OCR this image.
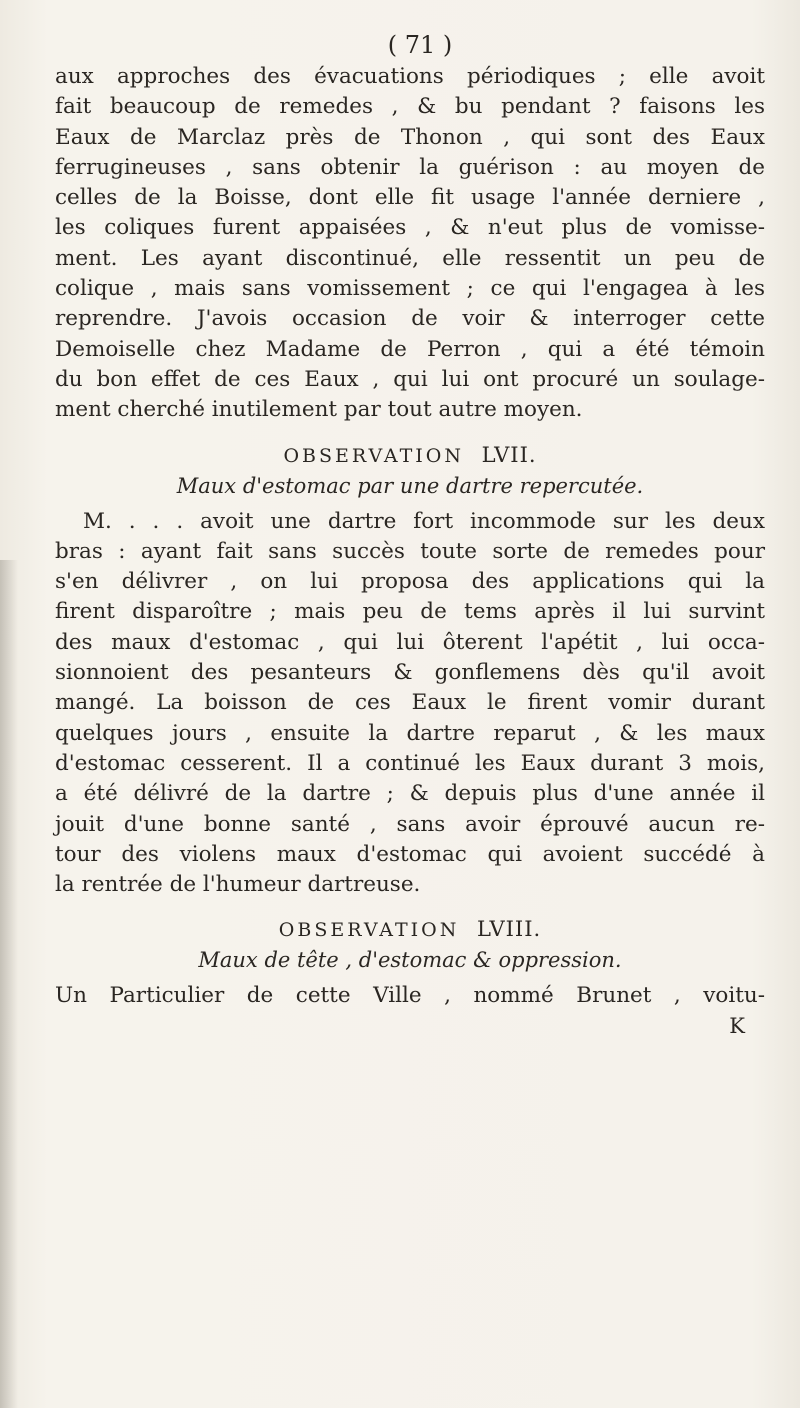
( 71 )

aux approches des évacuations périodiques ; elle avoit
fait beaucoup de remedes , & bu pendant ? faisons les
Eaux de Marclaz près de Thonon , qui sont des Eaux
ferrugineuses , sans obtenir la guérison : au moyen de
celles de la Boisse, dont elle fit usage l'année derniere ,
les coliques furent appaisées , & n'eut plus de vomisse-
ment. Les ayant discontinué, elle ressentit un peu de
colique , mais sans vomissement ; ce qui l'engagea à les
reprendre. J'avois occasion de voir & interroger cette
Demoiselle chez Madame de Perron , qui a été témoin
du bon effet de ces Eaux , qui lui ont procuré un soulage-
ment cherché inutilement par tout autre moyen.

OBSERVATION LVII.
Maux d'estomac par une dartre repercutée.

M. . . . avoit une dartre fort incommode sur les deux
bras : ayant fait sans succès toute sorte de remedes pour
s'en délivrer , on lui proposa des applications qui la
firent disparoître ; mais peu de tems après il lui survint
des maux d'estomac , qui lui ôterent l'apétit , lui occa-
sionnoient des pesanteurs & gonflemens dès qu'il avoit
mangé. La boisson de ces Eaux le firent vomir durant
quelques jours , ensuite la dartre reparut , & les maux
d'estomac cesserent. Il a continué les Eaux durant 3 mois,
a été délivré de la dartre ; & depuis plus d'une année il
jouit d'une bonne santé , sans avoir éprouvé aucun re-
tour des violens maux d'estomac qui avoient succédé à
la rentrée de l'humeur dartreuse.

OBSERVATION LVIII.
Maux de tête , d'estomac & oppression.

Un Particulier de cette Ville , nommé Brunet , voitu-

K
